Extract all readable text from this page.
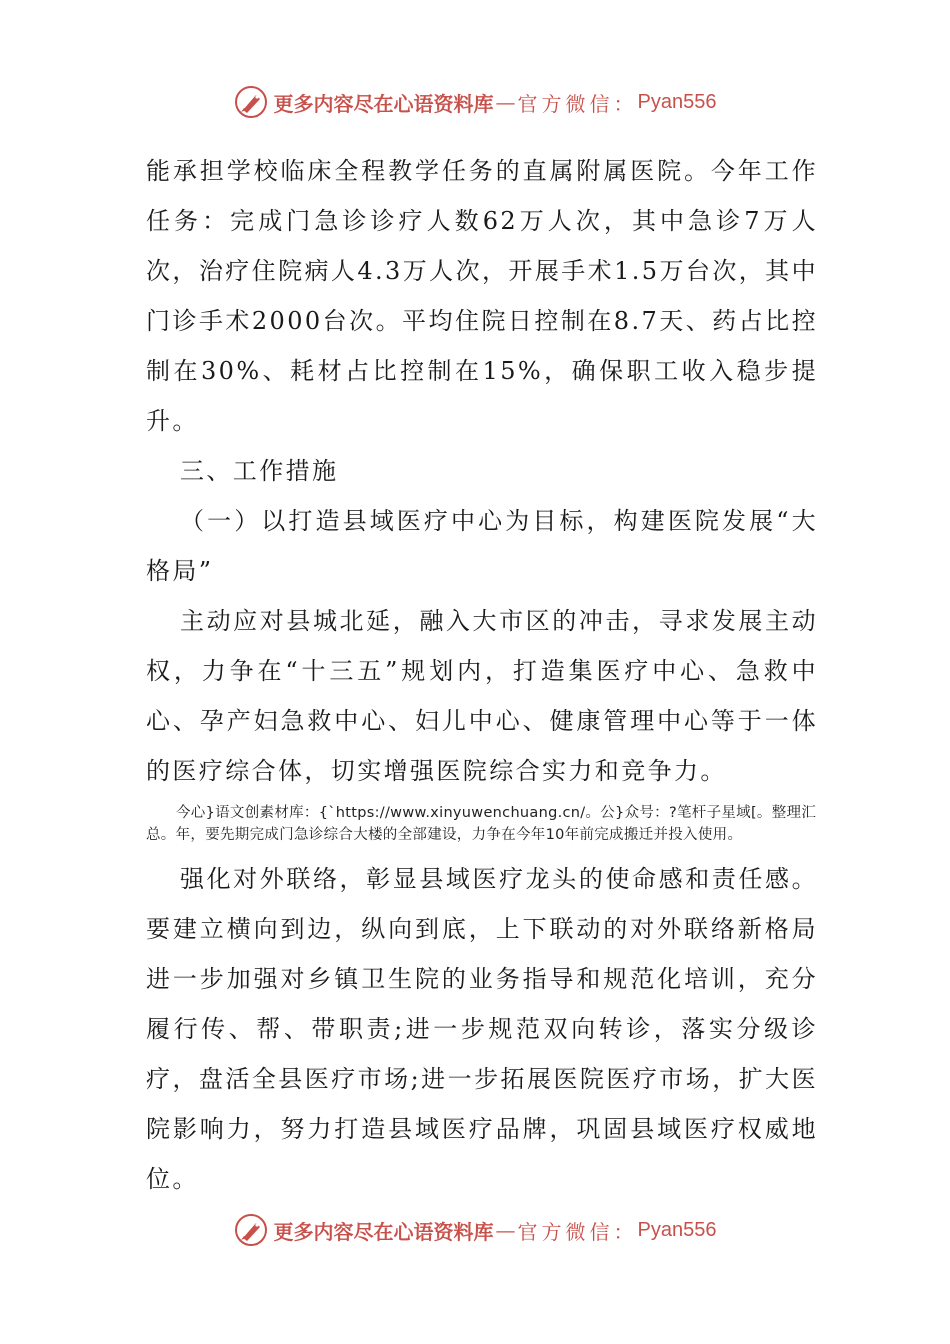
更多内容尽在心语资料库 — 官方微信： Pyan556

能承担学校临床全程教学任务的直属附属医院。今年工作任务：完成门急诊诊疗人数62万人次，其中急诊7万人次，治疗住院病人4.3万人次，开展手术1.5万台次，其中门诊手术2000台次。平均住院日控制在8.7天、药占比控制在30%、耗材占比控制在15%，确保职工收入稳步提升。

三、工作措施

（一）以打造县域医疗中心为目标，构建医院发展“大格局”

主动应对县城北延，融入大市区的冲击，寻求发展主动权，力争在“十三五”规划内，打造集医疗中心、急救中心、孕产妇急救中心、妇儿中心、健康管理中心等于一体的医疗综合体，切实增强医院综合实力和竞争力。

今心}语文创素材库：{`https://www.xinyuwenchuang.cn/。公}众号：?笔杆子星域[。整理汇总。年，要先期完成门急诊综合大楼的全部建设，力争在今年10年前完成搬迁并投入使用。

强化对外联络，彰显县域医疗龙头的使命感和责任感。要建立横向到边，纵向到底，上下联动的对外联络新格局进一步加强对乡镇卫生院的业务指导和规范化培训，充分履行传、帮、带职责;进一步规范双向转诊，落实分级诊疗，盘活全县医疗市场;进一步拓展医院医疗市场，扩大医院影响力，努力打造县域医疗品牌，巩固县域医疗权威地位。

更多内容尽在心语资料库 — 官方微信： Pyan556
